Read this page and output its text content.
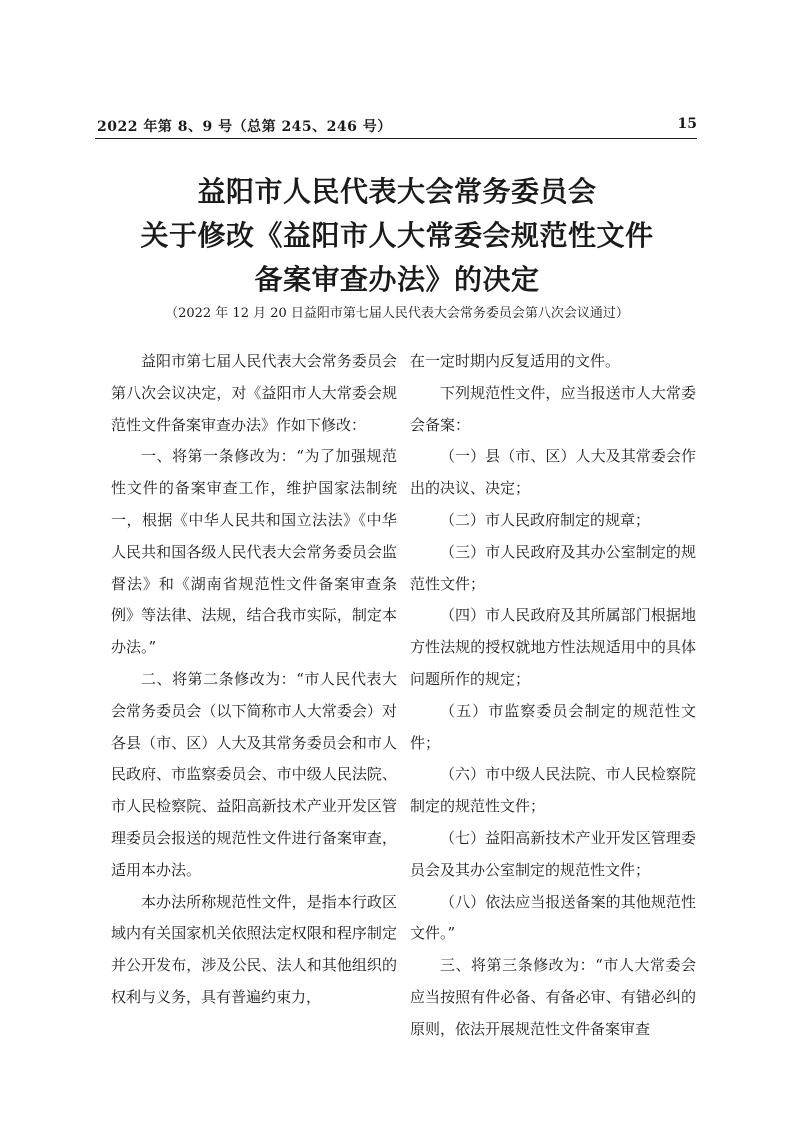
2022 年第 8、9 号（总第 245、246 号）	15
益阳市人民代表大会常务委员会
关于修改《益阳市人大常委会规范性文件
备案审查办法》的决定
（2022 年 12 月 20 日益阳市第七届人民代表大会常务委员会第八次会议通过）

益阳市第七届人民代表大会常务委员会第八次会议决定，对《益阳市人大常委会规范性文件备案审查办法》作如下修改：

一、将第一条修改为：“为了加强规范性文件的备案审查工作，维护国家法制统一，根据《中华人民共和国立法法》《中华人民共和国各级人民代表大会常务委员会监督法》和《湖南省规范性文件备案审查条例》等法律、法规，结合我市实际，制定本办法。”

二、将第二条修改为：“市人民代表大会常务委员会（以下简称市人大常委会）对各县（市、区）人大及其常务委员会和市人民政府、市监察委员会、市中级人民法院、市人民检察院、益阳高新技术产业开发区管理委员会报送的规范性文件进行备案审查，适用本办法。

本办法所称规范性文件，是指本行政区域内有关国家机关依照法定权限和程序制定并公开发布，涉及公民、法人和其他组织的权利与义务，具有普遍约束力，

在一定时期内反复适用的文件。

下列规范性文件，应当报送市人大常委会备案：

（一）县（市、区）人大及其常委会作出的决议、决定；

（二）市人民政府制定的规章；

（三）市人民政府及其办公室制定的规范性文件；

（四）市人民政府及其所属部门根据地方性法规的授权就地方性法规适用中的具体问题所作的规定；

（五）市监察委员会制定的规范性文件；

（六）市中级人民法院、市人民检察院制定的规范性文件；

（七）益阳高新技术产业开发区管理委员会及其办公室制定的规范性文件；

（八）依法应当报送备案的其他规范性文件。”

三、将第三条修改为：“市人大常委会应当按照有件必备、有备必审、有错必纠的原则，依法开展规范性文件备案审查
